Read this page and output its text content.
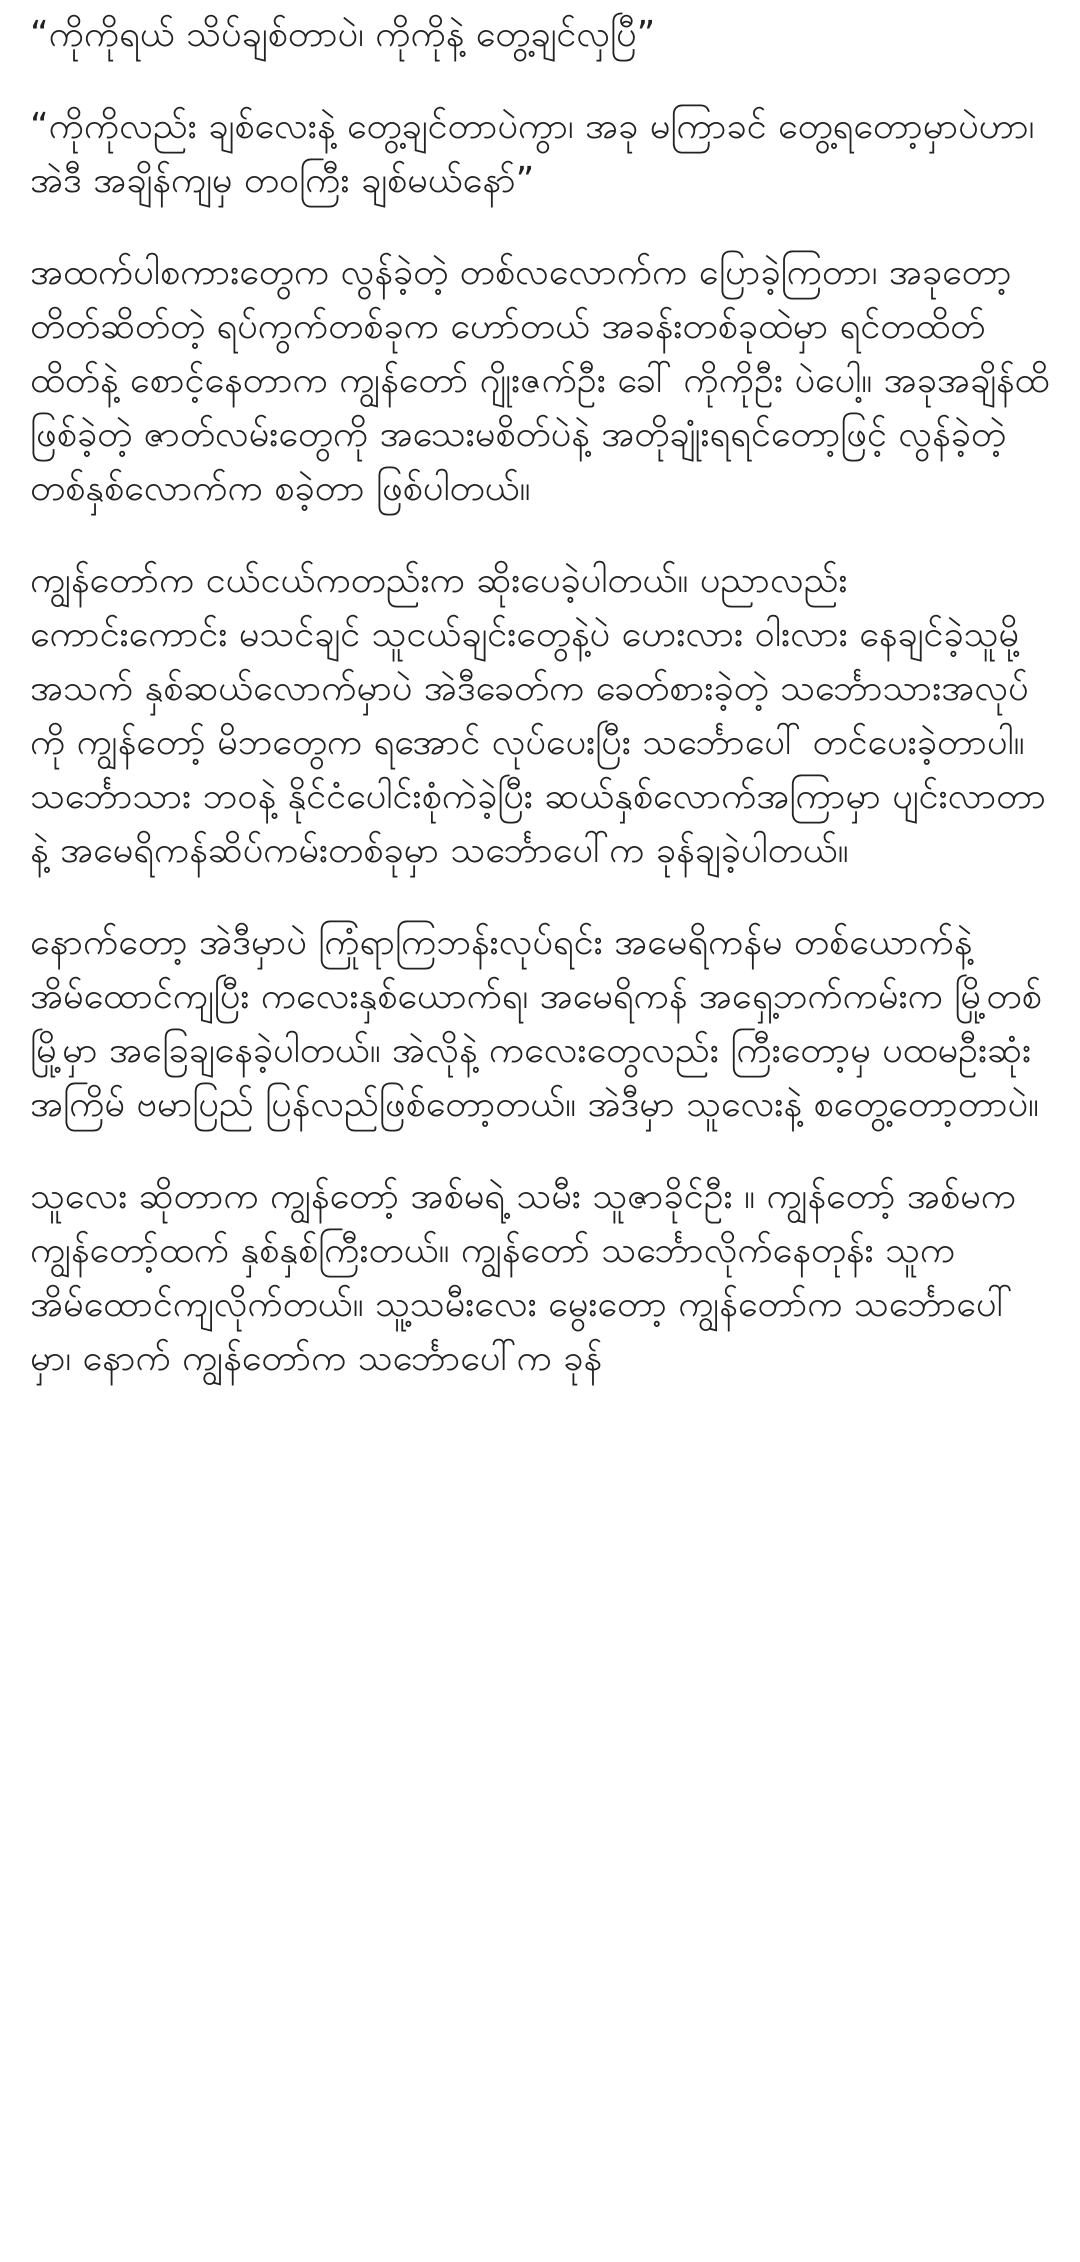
“ကိုကိုရယ် သိပ်ချစ်တာပဲ၊ ကိုကိုနဲ့ တွေ့ချင်လှပြီ”

“ကိုကိုလည်း ချစ်လေးနဲ့ တွေ့ချင်တာပဲကွာ၊ အခု မကြာခင် တွေ့ရတော့မှာပဲဟာ၊ အဲဒီ အချိန်ကျမှ တဝကြီး ချစ်မယ်နော်”

အထက်ပါစကားတွေက လွန်ခဲ့တဲ့ တစ်လလောက်က ပြောခဲ့ကြတာ၊ အခုတော့ တိတ်ဆိတ်တဲ့ ရပ်ကွက်တစ်ခုက ဟော်တယ် အခန်းတစ်ခုထဲမှာ ရင်တထိတ်ထိတ်နဲ့ စောင့်နေတာက ကျွန်တော် ဂျိုးဇက်ဦး ခေါ် ကိုကိုဦး ပဲပေါ့။ အခုအချိန်ထိ ဖြစ်ခဲ့တဲ့ ဇာတ်လမ်းတွေကို အသေးမစိတ်ပဲနဲ့ အတိုချုံးရရင်တော့ဖြင့် လွန်ခဲ့တဲ့ တစ်နှစ်လောက်က စခဲ့တာ ဖြစ်ပါတယ်။

ကျွန်တော်က ငယ်ငယ်ကတည်းက ဆိုးပေခဲ့ပါတယ်။ ပညာလည်း ကောင်းကောင်း မသင်ချင် သူငယ်ချင်းတွေနဲ့ပဲ ဟေးလား ဝါးလား နေချင်ခဲ့သူမို့ အသက် နှစ်ဆယ်လောက်မှာပဲ အဲဒီခေတ်က ခေတ်စားခဲ့တဲ့ သင်္ဘောသားအလုပ်ကို ကျွန်တော့် မိဘတွေက ရအောင် လုပ်ပေးပြီး သင်္ဘောပေါ် တင်ပေးခဲ့တာပါ။ သင်္ဘောသား ဘဝနဲ့ နိုင်ငံပေါင်းစုံကဲခဲ့ပြီး ဆယ်နှစ်လောက်အကြာမှာ ပျင်းလာတာနဲ့ အမေရိကန်ဆိပ်ကမ်းတစ်ခုမှာ သင်္ဘောပေါ်က ခုန်ချခဲ့ပါတယ်။

နောက်တော့ အဲဒီမှာပဲ ကြုံရာကြဘန်းလုပ်ရင်း အမေရိကန်မ တစ်ယောက်နဲ့ အိမ်ထောင်ကျပြီး ကလေးနှစ်ယောက်ရ၊ အမေရိကန် အရှေ့ဘက်ကမ်းက မြို့တစ်မြို့မှာ အခြေချနေခဲ့ပါတယ်။ အဲလိုနဲ့ ကလေးတွေလည်း ကြီးတော့မှ ပထမဦးဆုံးအကြိမ် ဗမာပြည် ပြန်လည်ဖြစ်တော့တယ်။ အဲဒီမှာ သူလေးနဲ့ စတွေ့တော့တာပဲ။

သူလေး ဆိုတာက ကျွန်တော့် အစ်မရဲ့ သမီး သူဇာခိုင်ဦး ။ ကျွန်တော့် အစ်မက ကျွန်တော့်ထက် နှစ်နှစ်ကြီးတယ်။ ကျွန်တော် သင်္ဘောလိုက်နေတုန်း သူက အိမ်ထောင်ကျလိုက်တယ်။ သူ့သမီးလေး မွေးတော့ ကျွန်တော်က သင်္ဘောပေါ်မှာ၊ နောက် ကျွန်တော်က သင်္ဘောပေါ်က ခုန်
